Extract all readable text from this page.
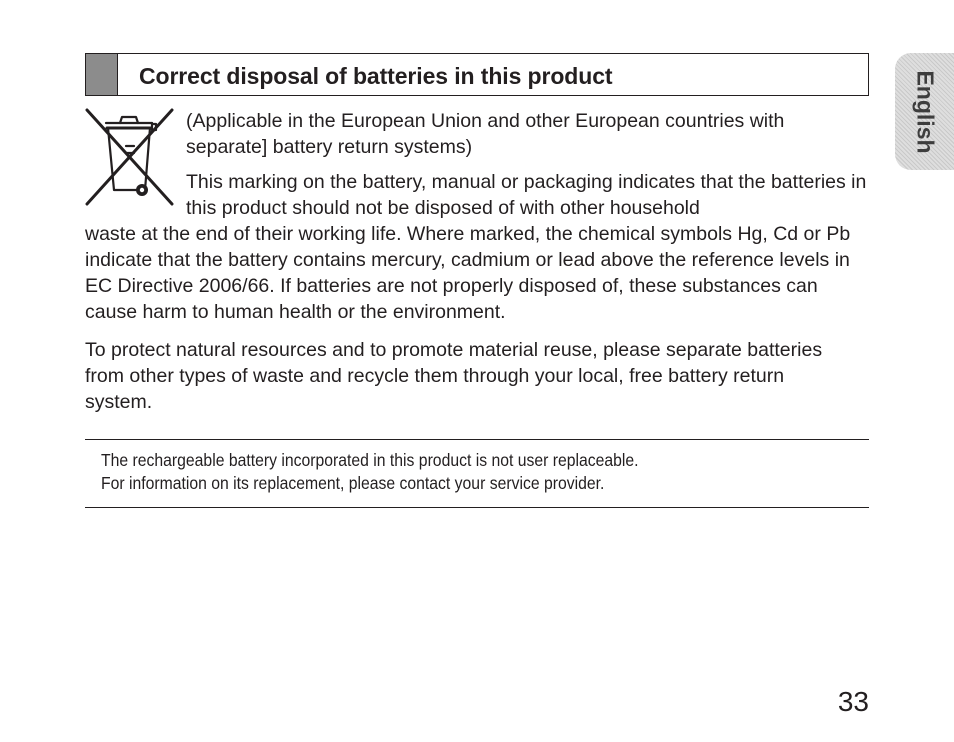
Correct disposal of batteries in this product	English

(Applicable in the European Union and other European countries with separate] battery return systems)

This marking on the battery, manual or packaging indicates that the batteries in this product should not be disposed of with other household
waste at the end of their working life. Where marked, the chemical symbols Hg, Cd or Pb indicate that the battery contains mercury, cadmium or lead above the reference levels in EC Directive 2006/66. If batteries are not properly disposed of, these substances can cause harm to human health or the environment.

To protect natural resources and to promote material reuse, please separate batteries from other types of waste and recycle them through your local, free battery return system.

The rechargeable battery incorporated in this product is not user replaceable.
For information on its replacement, please contact your service provider.

33
